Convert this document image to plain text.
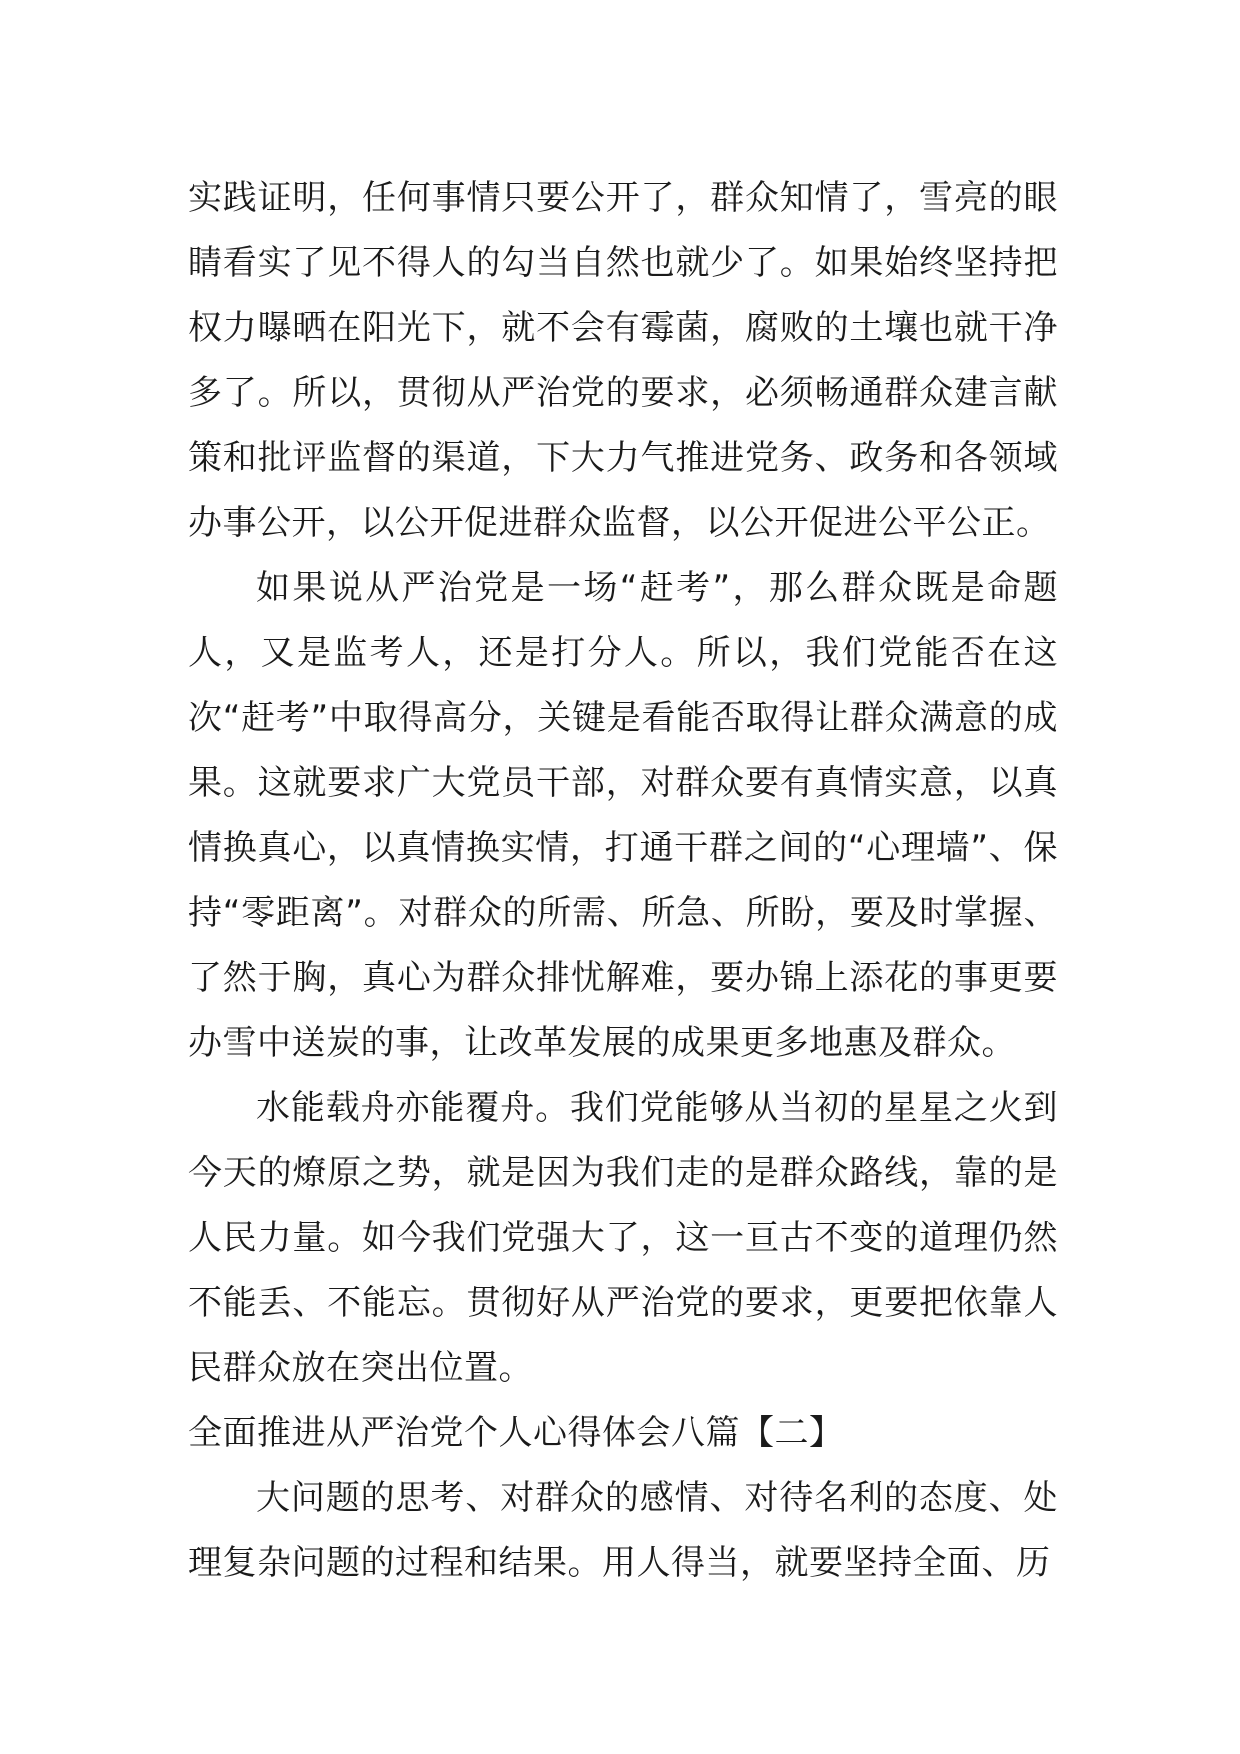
实践证明，任何事情只要公开了，群众知情了，雪亮的眼睛看实了见不得人的勾当自然也就少了。如果始终坚持把权力曝晒在阳光下，就不会有霉菌，腐败的土壤也就干净多了。所以，贯彻从严治党的要求，必须畅通群众建言献策和批评监督的渠道，下大力气推进党务、政务和各领域办事公开，以公开促进群众监督，以公开促进公平公正。

如果说从严治党是一场“赶考”，那么群众既是命题人，又是监考人，还是打分人。所以，我们党能否在这次“赶考”中取得高分，关键是看能否取得让群众满意的成果。这就要求广大党员干部，对群众要有真情实意，以真情换真心，以真情换实情，打通干群之间的“心理墙”、保持“零距离”。对群众的所需、所急、所盼，要及时掌握、了然于胸，真心为群众排忧解难，要办锦上添花的事更要办雪中送炭的事，让改革发展的成果更多地惠及群众。

水能载舟亦能覆舟。我们党能够从当初的星星之火到今天的燎原之势，就是因为我们走的是群众路线，靠的是人民力量。如今我们党强大了，这一亘古不变的道理仍然不能丢、不能忘。贯彻好从严治党的要求，更要把依靠人民群众放在突出位置。

全面推进从严治党个人心得体会八篇【二】

大问题的思考、对群众的感情、对待名利的态度、处理复杂问题的过程和结果。用人得当，就要坚持全面、历
